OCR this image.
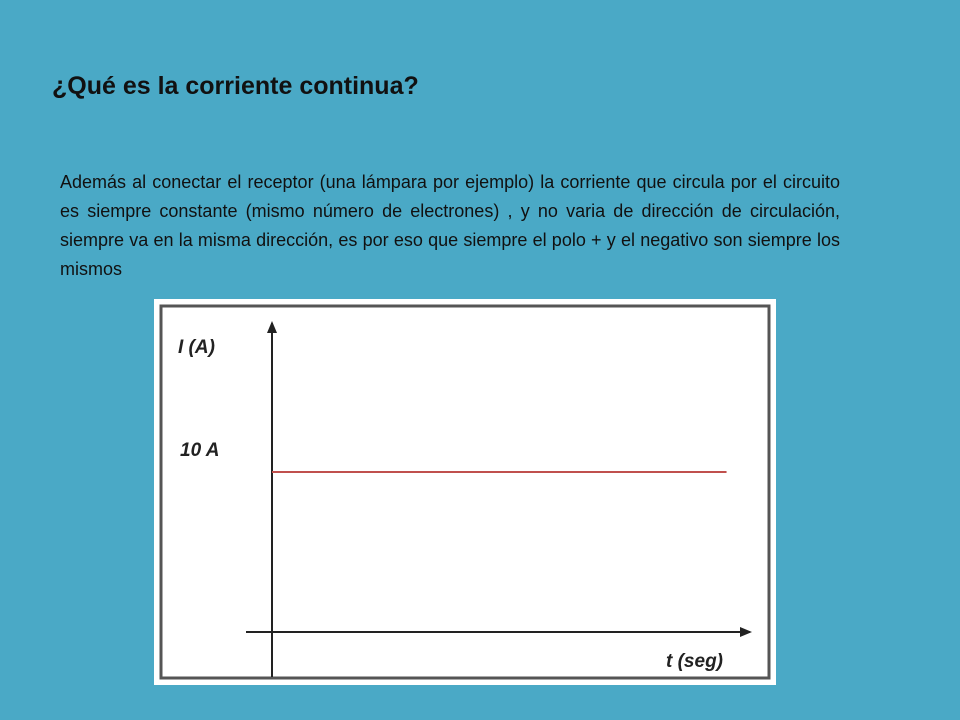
¿Qué es la corriente continua?

Además al conectar el receptor (una lámpara por ejemplo) la corriente que circula por el circuito es siempre constante (mismo número de electrones) , y no varia de dirección de circulación, siempre va en la misma dirección, es por eso que siempre el polo + y el negativo son siempre los mismos

I (A)
10 A
t (seg)
